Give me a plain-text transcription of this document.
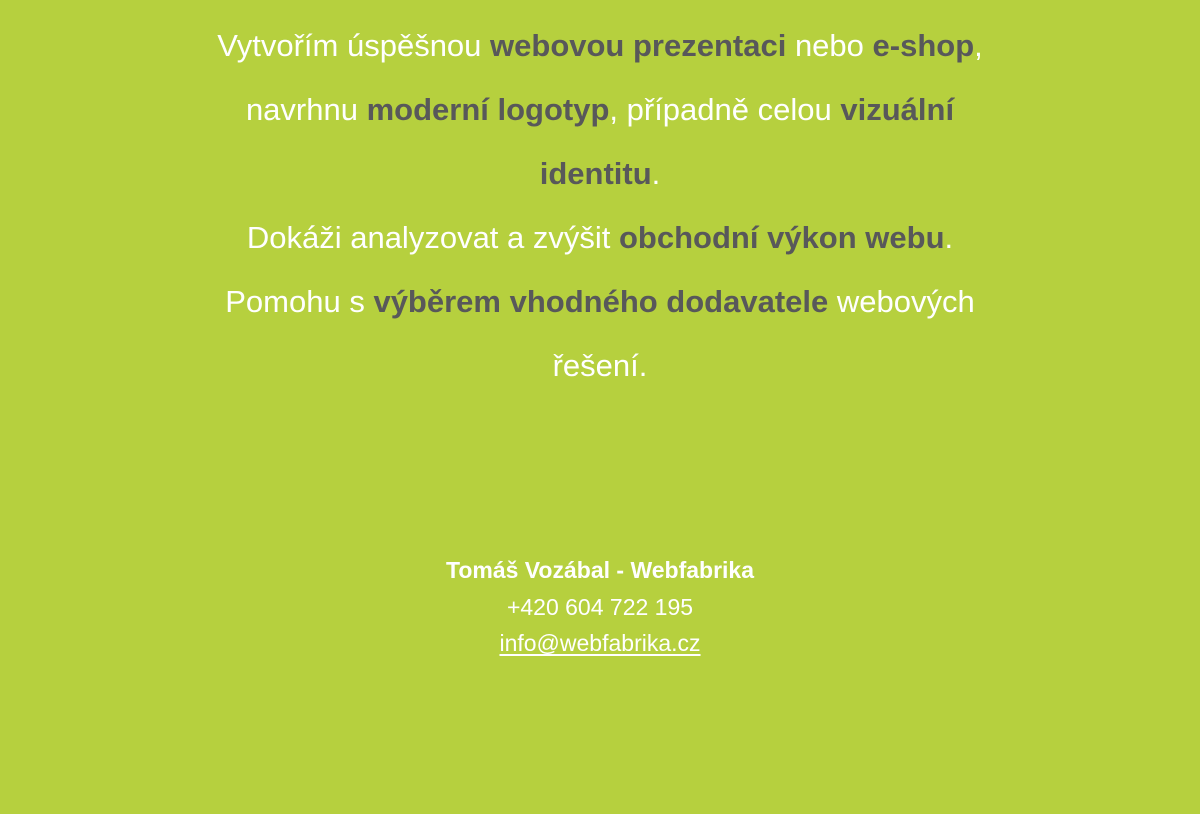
Vytvořím úspěšnou webovou prezentaci nebo e-shop,
navrhnu moderní logotyp, případně celou vizuální
identitu.
Dokáži analyzovat a zvýšit obchodní výkon webu.
Pomohu s výběrem vhodného dodavatele webových
řešení.
Tomáš Vozábal - Webfabrika
+420 604 722 195
info@webfabrika.cz
